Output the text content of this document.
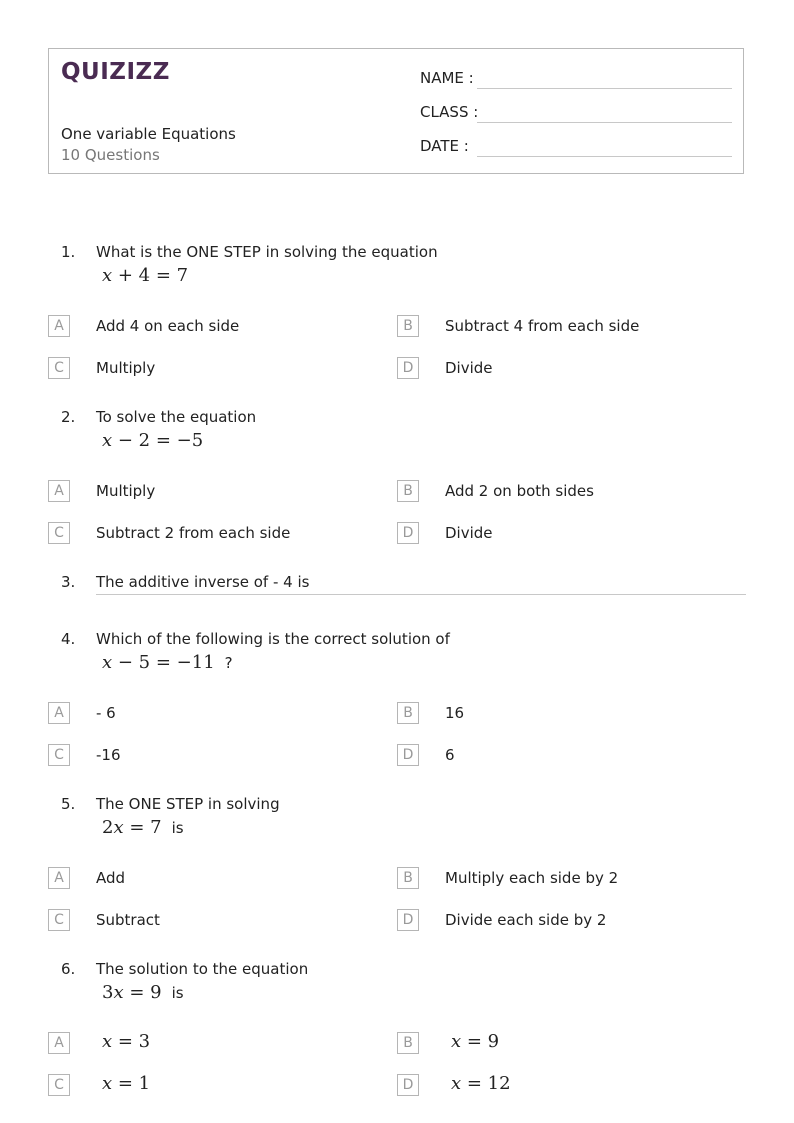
QUIZIZZ
One variable Equations
10 Questions
NAME :
CLASS :
DATE :
1. What is the ONE STEP in solving the equation
x + 4 = 7
A	Add 4 on each side	B	Subtract 4 from each side
C	Multiply	D	Divide
2. To solve the equation
x − 2 = −5
A	Multiply	B	Add 2 on both sides
C	Subtract 2 from each side	D	Divide
3. The additive inverse of - 4 is
4. Which of the following is the correct solution of
x − 5 = −11 ?
A	- 6	B	16
C	-16	D	6
5. The ONE STEP in solving
2x = 7 is
A	Add	B	Multiply each side by 2
C	Subtract	D	Divide each side by 2
6. The solution to the equation
3x = 9 is
A	x = 3	B	x = 9
C	x = 1	D	x = 12
